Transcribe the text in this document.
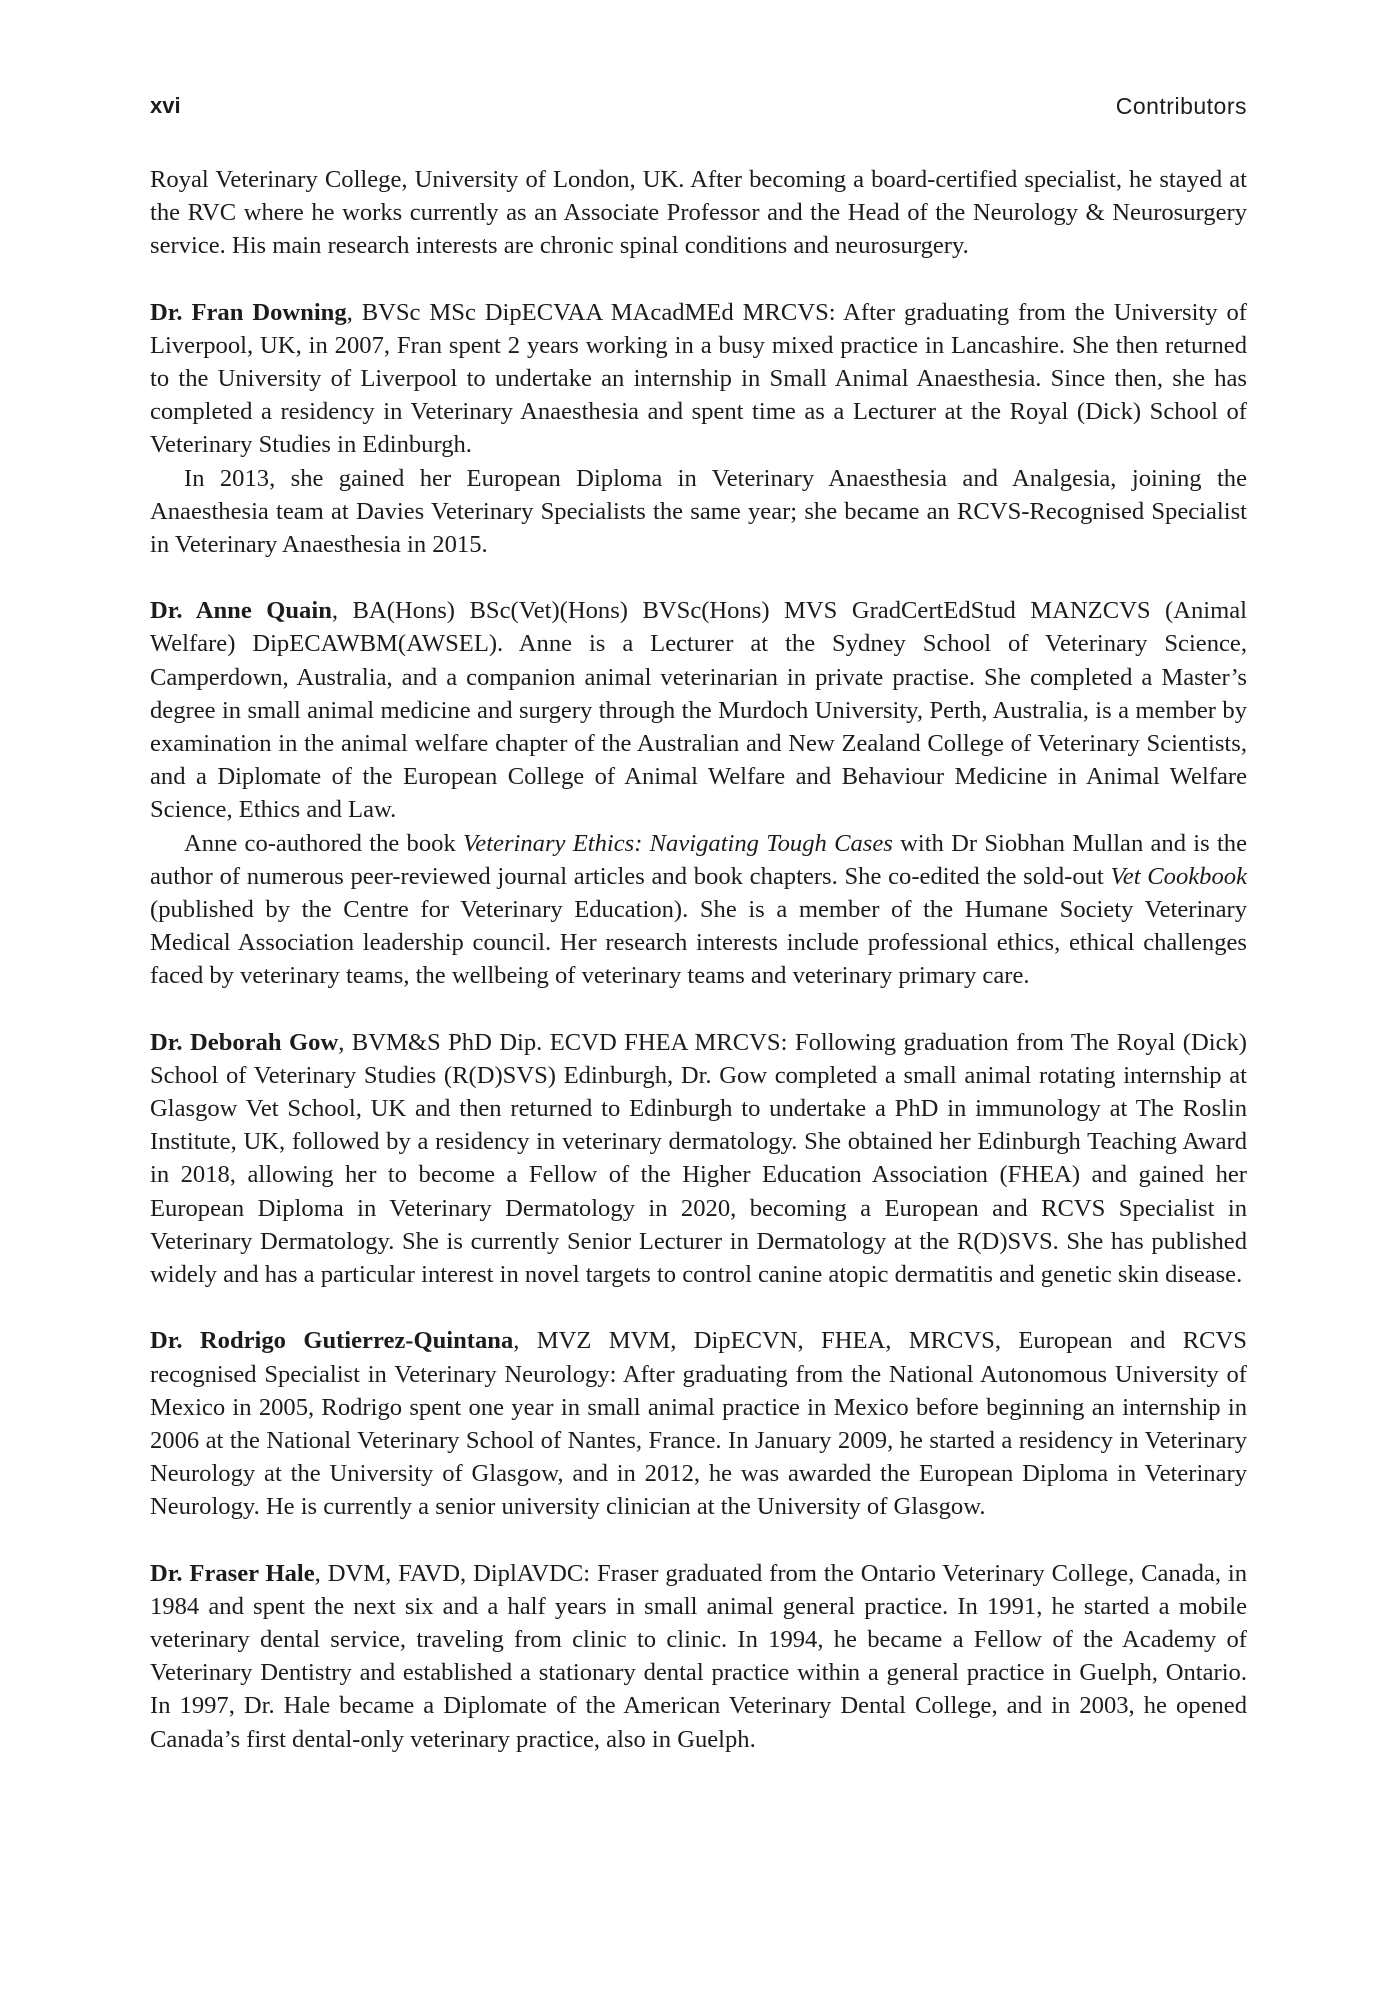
xvi	Contributors

Royal Veterinary College, University of London, UK. After becoming a board-certified specialist, he stayed at the RVC where he works currently as an Associate Professor and the Head of the Neurology & Neurosurgery service. His main research interests are chronic spinal conditions and neurosurgery.

Dr. Fran Downing, BVSc MSc DipECVAA MAcadMEd MRCVS: After graduating from the University of Liverpool, UK, in 2007, Fran spent 2 years working in a busy mixed practice in Lancashire. She then returned to the University of Liverpool to undertake an internship in Small Animal Anaesthesia. Since then, she has completed a residency in Veterinary Anaesthesia and spent time as a Lecturer at the Royal (Dick) School of Veterinary Studies in Edinburgh.

In 2013, she gained her European Diploma in Veterinary Anaesthesia and Analgesia, joining the Anaesthesia team at Davies Veterinary Specialists the same year; she became an RCVS-Recognised Specialist in Veterinary Anaesthesia in 2015.

Dr. Anne Quain, BA(Hons) BSc(Vet)(Hons) BVSc(Hons) MVS GradCertEdStud MANZCVS (Animal Welfare) DipECAWBM(AWSEL). Anne is a Lecturer at the Sydney School of Veterinary Science, Camperdown, Australia, and a companion animal veterinarian in private practise. She completed a Master’s degree in small animal medicine and surgery through the Murdoch University, Perth, Australia, is a member by examination in the animal welfare chapter of the Australian and New Zealand College of Veterinary Scientists, and a Diplomate of the European College of Animal Welfare and Behaviour Medicine in Animal Welfare Science, Ethics and Law.

Anne co-authored the book Veterinary Ethics: Navigating Tough Cases with Dr Siobhan Mullan and is the author of numerous peer-reviewed journal articles and book chapters. She co-edited the sold-out Vet Cookbook (published by the Centre for Veterinary Education). She is a member of the Humane Society Veterinary Medical Association leadership council. Her research interests include professional ethics, ethical challenges faced by veterinary teams, the wellbeing of veterinary teams and veterinary primary care.

Dr. Deborah Gow, BVM&S PhD Dip. ECVD FHEA MRCVS: Following graduation from The Royal (Dick) School of Veterinary Studies (R(D)SVS) Edinburgh, Dr. Gow completed a small animal rotating internship at Glasgow Vet School, UK and then returned to Edinburgh to undertake a PhD in immunology at The Roslin Institute, UK, followed by a residency in veterinary dermatology. She obtained her Edinburgh Teaching Award in 2018, allowing her to become a Fellow of the Higher Education Association (FHEA) and gained her European Diploma in Veterinary Dermatology in 2020, becoming a European and RCVS Specialist in Veterinary Dermatology. She is currently Senior Lecturer in Dermatology at the R(D)SVS. She has published widely and has a particular interest in novel targets to control canine atopic dermatitis and genetic skin disease.

Dr. Rodrigo Gutierrez-Quintana, MVZ MVM, DipECVN, FHEA, MRCVS, European and RCVS recognised Specialist in Veterinary Neurology: After graduating from the National Autonomous University of Mexico in 2005, Rodrigo spent one year in small animal practice in Mexico before beginning an internship in 2006 at the National Veterinary School of Nantes, France. In January 2009, he started a residency in Veterinary Neurology at the University of Glasgow, and in 2012, he was awarded the European Diploma in Veterinary Neurology. He is currently a senior university clinician at the University of Glasgow.

Dr. Fraser Hale, DVM, FAVD, DiplAVDC: Fraser graduated from the Ontario Veterinary College, Canada, in 1984 and spent the next six and a half years in small animal general practice. In 1991, he started a mobile veterinary dental service, traveling from clinic to clinic. In 1994, he became a Fellow of the Academy of Veterinary Dentistry and established a stationary dental practice within a general practice in Guelph, Ontario. In 1997, Dr. Hale became a Diplomate of the American Veterinary Dental College, and in 2003, he opened Canada’s first dental-only veterinary practice, also in Guelph.
